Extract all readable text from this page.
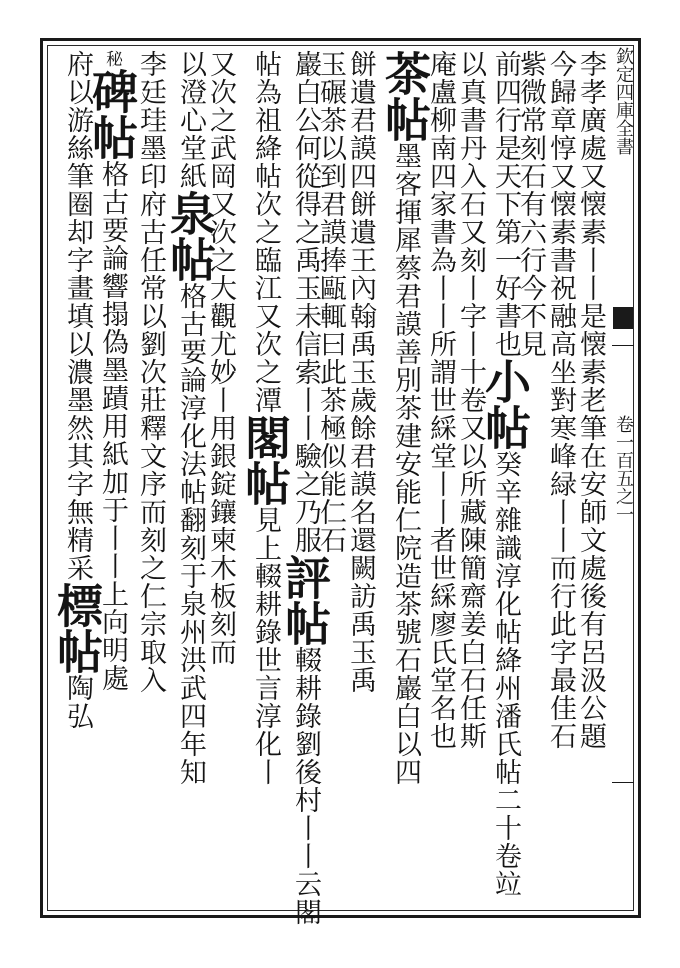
欽定四庫全書
卷一百五之一
李孝廣處又懐素丨丨是懐素老筆在安師文處後有呂汲公題
今歸章惇又懐素書祝融高坐對寒峰緑丨丨而行此字最佳石
紫微常刻石有六行今不見
前四行是天下第一好書也小帖癸辛雜識淳化帖絳州潘氏帖二十卷竝
以真書丹入石又刻丨字丨十卷又以所藏陳簡齋姜白石任斯
庵盧柳南四家書為丨丨所謂世綵堂丨丨者世綵廖氏堂名也
茶帖墨客揮犀蔡君謨善別茶建安能仁院造茶號石巖白以四
餅遺君謨四餅遺王內翰禹玉歲餘君謨名還闕訪禹玉禹
玉碾茶以到君謨捧甌輒曰此茶極似能仁石
巖白公何從得之禹玉未信索丨丨驗之乃服評帖輟耕錄劉後村丨丨云閣
帖為祖絳帖次之臨江又次之潭閣帖見上輟耕錄世言淳化丨
又次之武岡又次之大觀尤妙丨用銀錠鑲柬木板刻而
以澄心堂紙泉帖格古要論淳化法帖翻刻于泉州洪武四年知
李廷珪墨印府古任常以劉次莊釋文序而刻之仁宗取入
秘碑帖格古要論響搨偽墨蹟用紙加于丨丨上向明處
府以游絲筆圈却字畫填以濃墨然其字無精采標帖陶弘
